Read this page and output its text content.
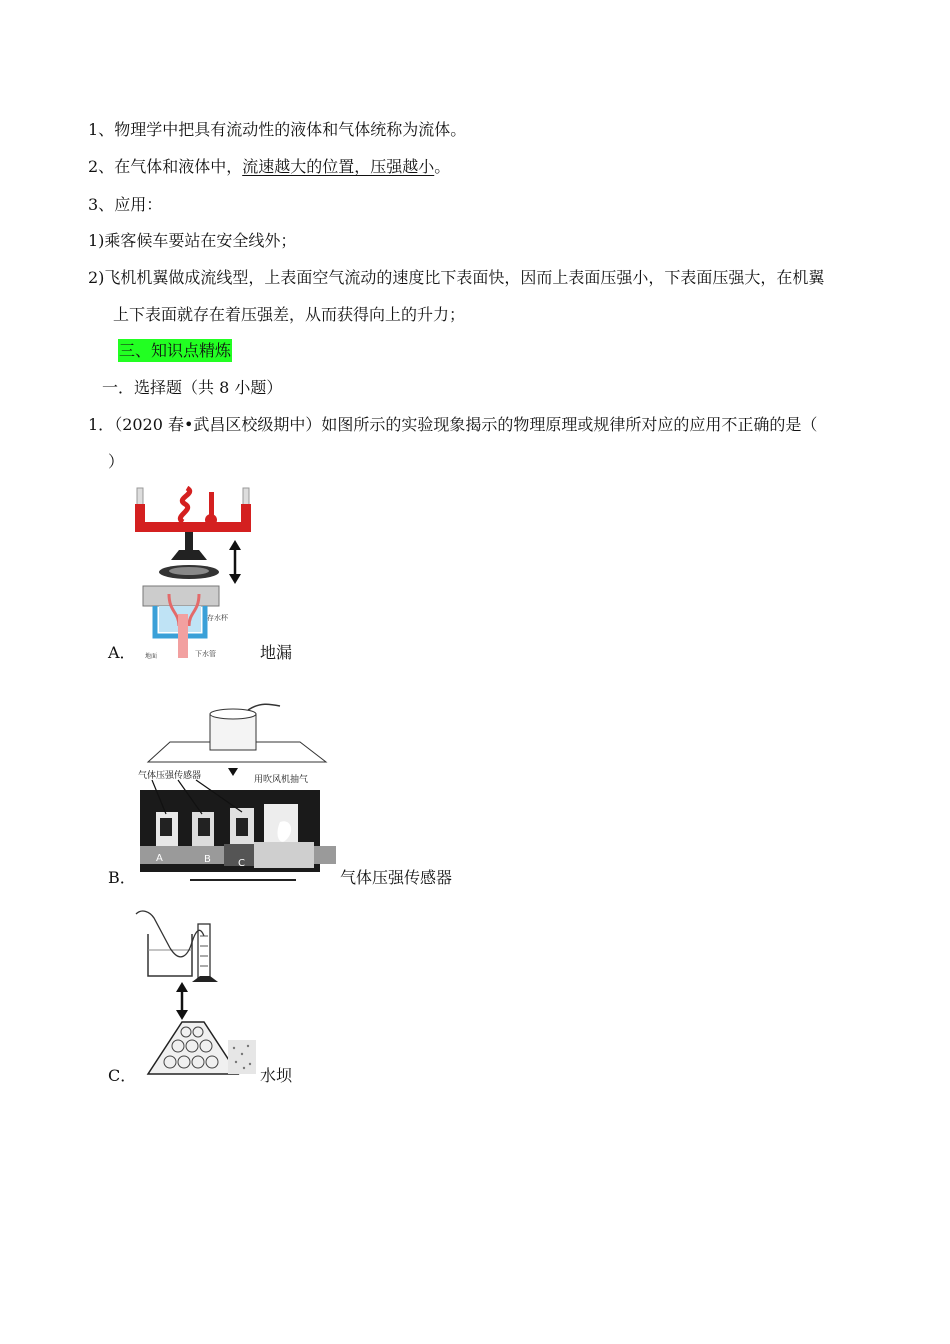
1、物理学中把具有流动性的液体和气体统称为流体。
2、在气体和液体中，流速越大的位置，压强越小。
3、应用：
1)乘客候车要站在安全线外；
2)飞机机翼做成流线型，上表面空气流动的速度比下表面快，因而上表面压强小，下表面压强大，在机翼
上下表面就存在着压强差，从而获得向上的升力；
三、知识点精炼
一．选择题（共 8 小题）
1．（2020 春•武昌区校级期中）如图所示的实验现象揭示的物理原理或规律所对应的应用不正确的是（
）
存水杯
地面	下水管
A．	地漏
气体压强传感器	用吹风机抽气
A	B	C
B．	气体压强传感器
C．	水坝
